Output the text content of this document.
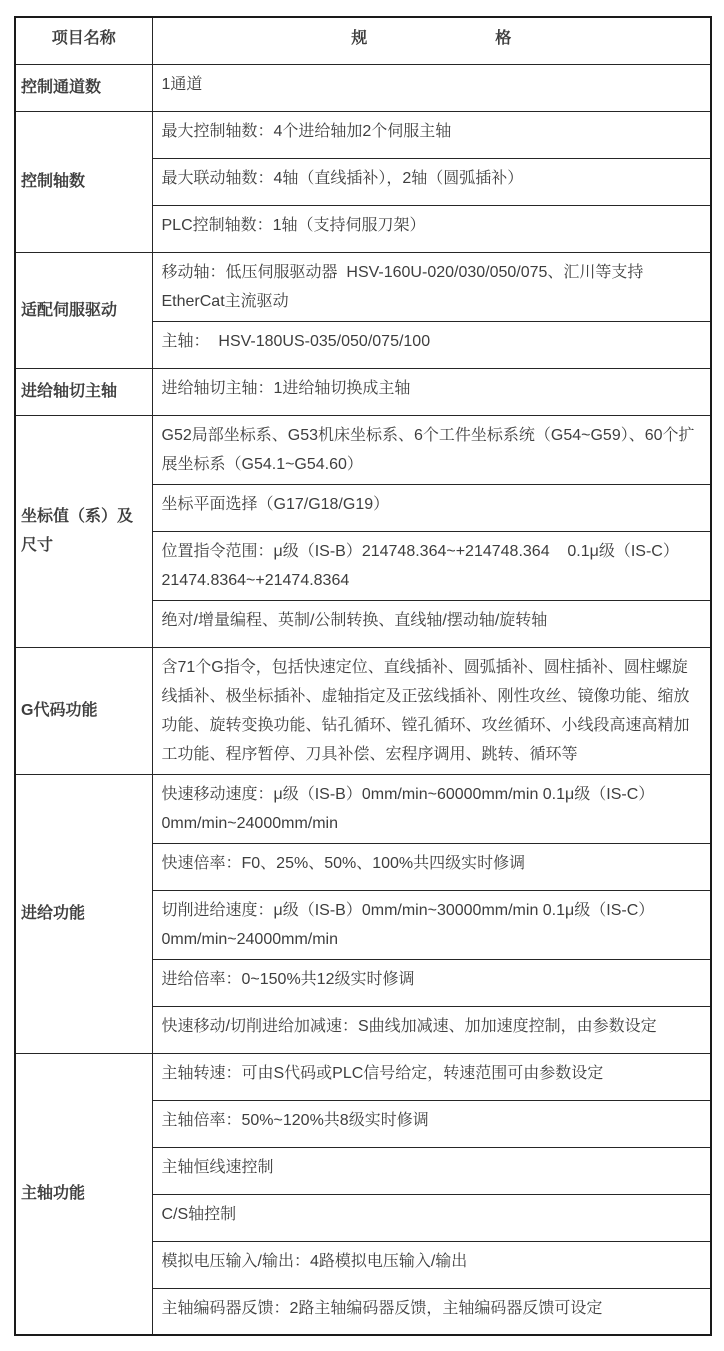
项目名称	规　　　　　　　　格
控制通道数	1通道
控制轴数	最大控制轴数：4个进给轴加2个伺服主轴
	最大联动轴数：4轴（直线插补），2轴（圆弧插补）
	PLC控制轴数：1轴（支持伺服刀架）
适配伺服驱动	移动轴：低压伺服驱动器  HSV-160U-020/030/050/075、汇川等支持EtherCat主流驱动
	主轴：  HSV-180US-035/050/075/100
进给轴切主轴	进给轴切主轴：1进给轴切换成主轴
坐标值（系）及尺寸	G52局部坐标系、G53机床坐标系、6个工件坐标系统（G54~G59）、60个扩展坐标系（G54.1~G54.60）
	坐标平面选择（G17/G18/G19）
	位置指令范围：μ级（IS-B）214748.364~+214748.364    0.1μ级（IS-C）21474.8364~+21474.8364
	绝对/增量编程、英制/公制转换、直线轴/摆动轴/旋转轴
G代码功能	含71个G指令，包括快速定位、直线插补、圆弧插补、圆柱插补、圆柱螺旋线插补、极坐标插补、虚轴指定及正弦线插补、刚性攻丝、镜像功能、缩放功能、旋转变换功能、钻孔循环、镗孔循环、攻丝循环、小线段高速高精加工功能、程序暂停、刀具补偿、宏程序调用、跳转、循环等
进给功能	快速移动速度：μ级（IS-B）0mm/min~60000mm/min 0.1μ级（IS-C） 0mm/min~24000mm/min
	快速倍率：F0、25%、50%、100%共四级实时修调
	切削进给速度：μ级（IS-B）0mm/min~30000mm/min 0.1μ级（IS-C） 0mm/min~24000mm/min
	进给倍率：0~150%共12级实时修调
	快速移动/切削进给加减速：S曲线加减速、加加速度控制，由参数设定
主轴功能	主轴转速：可由S代码或PLC信号给定，转速范围可由参数设定
	主轴倍率：50%~120%共8级实时修调
	主轴恒线速控制
	C/S轴控制
	模拟电压输入/输出：4路模拟电压输入/输出
	主轴编码器反馈：2路主轴编码器反馈，主轴编码器反馈可设定
